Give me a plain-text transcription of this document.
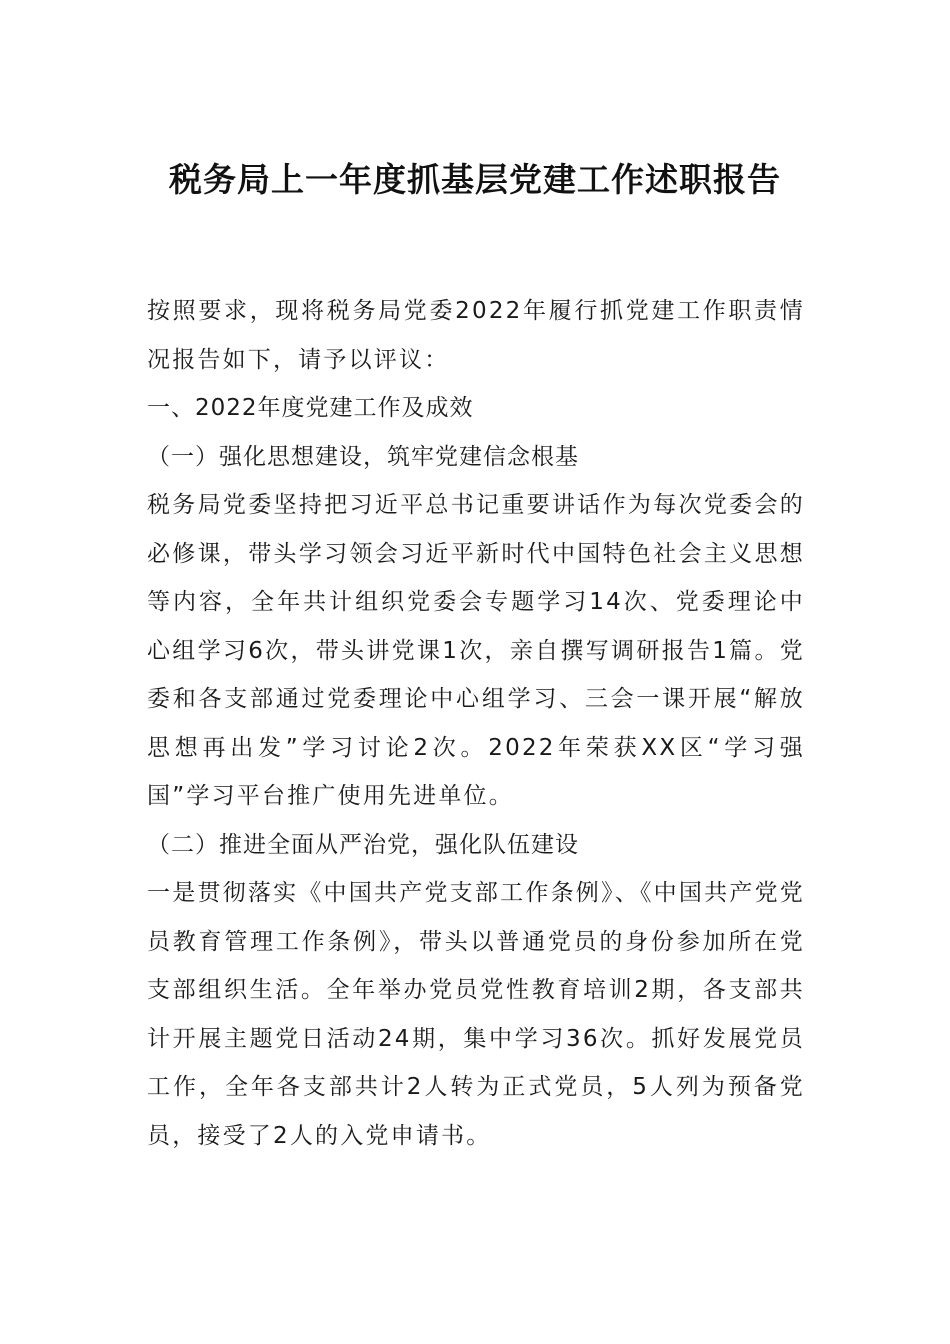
税务局上一年度抓基层党建工作述职报告

按照要求，现将税务局党委2022年履行抓党建工作职责情况报告如下，请予以评议：

一、2022年度党建工作及成效

（一）强化思想建设，筑牢党建信念根基

税务局党委坚持把习近平总书记重要讲话作为每次党委会的必修课，带头学习领会习近平新时代中国特色社会主义思想等内容，全年共计组织党委会专题学习14次、党委理论中心组学习6次，带头讲党课1次，亲自撰写调研报告1篇。党委和各支部通过党委理论中心组学习、三会一课开展“解放思想再出发”学习讨论2次。2022年荣获XX区“学习强国”学习平台推广使用先进单位。

（二）推进全面从严治党，强化队伍建设

一是贯彻落实《中国共产党支部工作条例》、《中国共产党党员教育管理工作条例》，带头以普通党员的身份参加所在党支部组织生活。全年举办党员党性教育培训2期，各支部共计开展主题党日活动24期，集中学习36次。抓好发展党员工作，全年各支部共计2人转为正式党员，5人列为预备党员，接受了2人的入党申请书。
